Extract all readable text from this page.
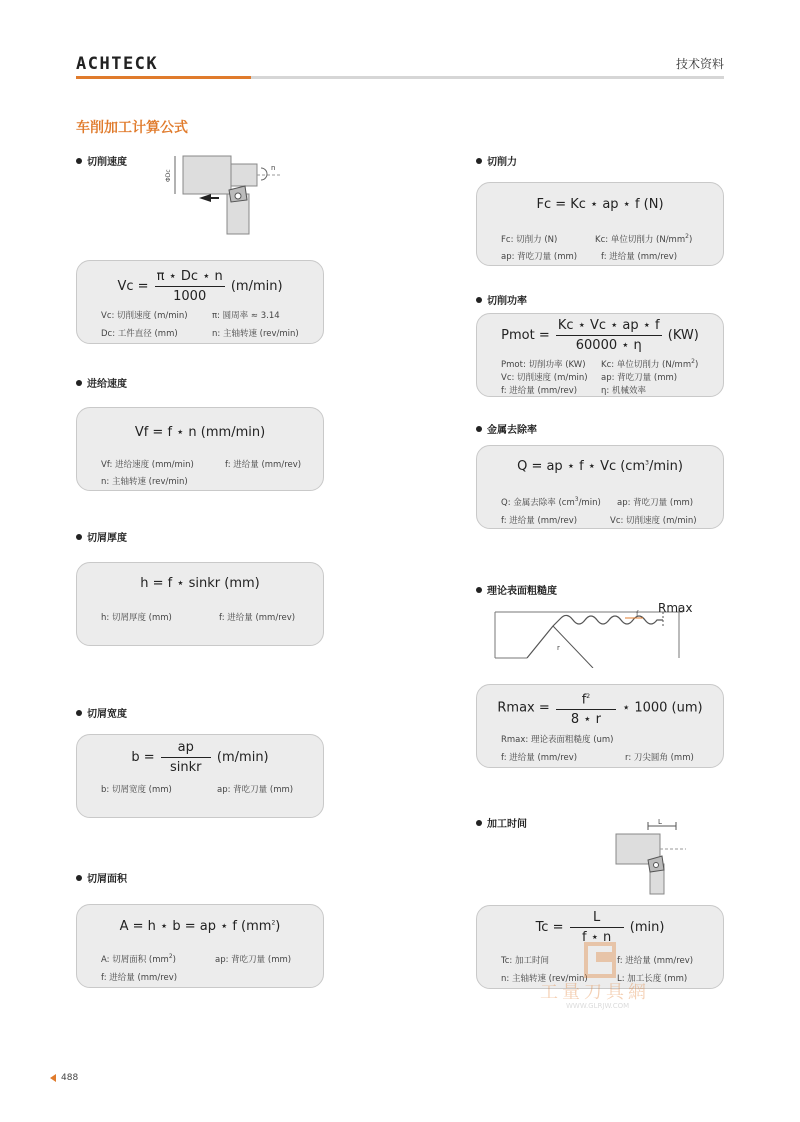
ACHTECK	技术资料
车削加工计算公式
切削速度	n
ΦDc
$Vc = \frac{\pi ⋆ Dc ⋆ n}{1000} (m/\min)$
Vc: 切削速度 (m/min)	π: 圆周率 ≈ 3.14
Dc: 工件直径 (mm)	n: 主轴转速 (rev/min)
进给速度
Vf = f ⋆ n (mm/min)
Vf: 进给速度 (mm/min)	f: 进给量 (mm/rev)
n: 主轴转速 (rev/min)
切屑厚度
h = f ⋆ sinkr (mm)
h: 切屑厚度 (mm)	f: 进给量 (mm/rev)
切屑宽度
$b = \frac{ap}{\text{sinkr}} (m/\min)$
b: 切屑宽度 (mm)	ap: 背吃刀量 (mm)
切屑面积
A = h ⋆ b = ap ⋆ f $(mm^2)$
A: 切屑面积 $(mm^2)$	ap: 背吃刀量 (mm)
f: 进给量 (mm/rev)
切削力
Fc = Kc ⋆ ap ⋆ f (N)
Fc: 切削力 (N)	Kc: 单位切削力 $(N/mm^2)$
ap: 背吃刀量 (mm)	f: 进给量 (mm/rev)
切削功率
Pmot = $\frac{Kc ⋆ Vc ⋆ ap ⋆ f}{60000 ⋆ \eta} (KW)$
Pmot: 切削功率 (KW) Kc: 单位切削力 $(N/mm^2)$
Vc: 切削速度 (m/min) ap: 背吃刀量 (mm)
f: 进给量 (mm/rev)	η: 机械效率
金属去除率
Q = ap ⋆ f ⋆ Vc $(cm^3/\min)$
Q: 金属去除率 $(cm^3/\min)$ ap: 背吃刀量 (mm)
f: 进给量 (mm/rev)	Vc: 切削速度 (m/min)
理论表面粗糙度
f
r
Rmax
$Rmax = \frac{f^2}{8 ⋆ r}$ ⋆ 1000 (um)
Rmax: 理论表面粗糙度 (um)
f: 进给量 (mm/rev)	r: 刀尖圆角 (mm)
加工时间	L
$Tc = \frac{L}{f ⋆ n} (\min)$
Tc: 加工时间	f: 进给量 (mm/rev)
n: 主轴转速 (rev/min)	L: 加工长度 (mm)
工量刀具網
WWW.GLRJW.COM
488
